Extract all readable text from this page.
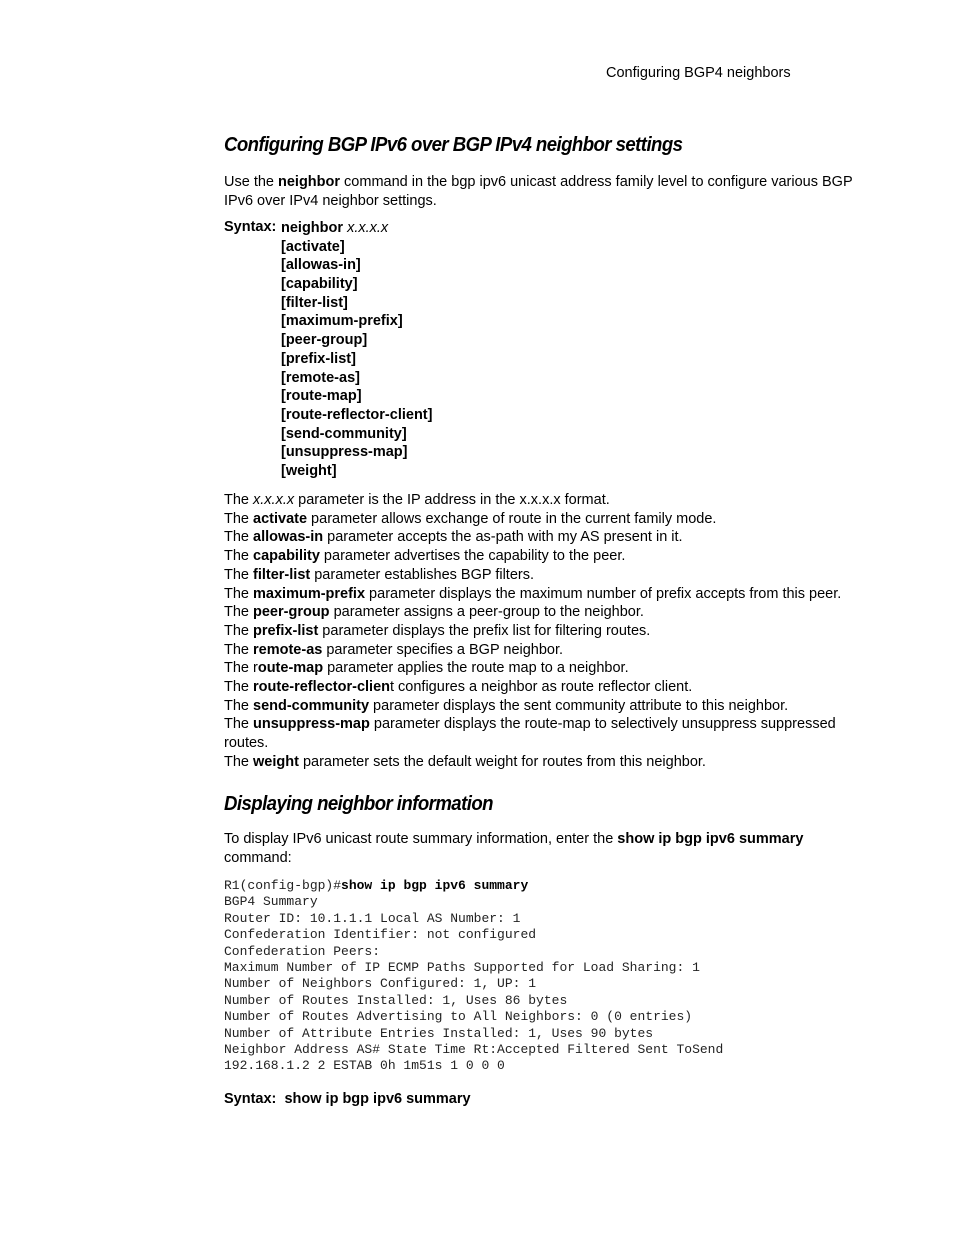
Configuring BGP4 neighbors
Configuring BGP IPv6 over BGP IPv4 neighbor settings
Use the neighbor command in the bgp ipv6 unicast address family level to configure various BGP IPv6 over IPv4 neighbor settings.
Syntax: neighbor x.x.x.x
[activate]
[allowas-in]
[capability]
[filter-list]
[maximum-prefix]
[peer-group]
[prefix-list]
[remote-as]
[route-map]
[route-reflector-client]
[send-community]
[unsuppress-map]
[weight]
The x.x.x.x parameter is the IP address in the x.x.x.x format.
The activate parameter allows exchange of route in the current family mode.
The allowas-in parameter accepts the as-path with my AS present in it.
The capability parameter advertises the capability to the peer.
The filter-list parameter establishes BGP filters.
The maximum-prefix parameter displays the maximum number of prefix accepts from this peer.
The peer-group parameter assigns a peer-group to the neighbor.
The prefix-list parameter displays the prefix list for filtering routes.
The remote-as parameter specifies a BGP neighbor.
The route-map parameter applies the route map to a neighbor.
The route-reflector-client configures a neighbor as route reflector client.
The send-community parameter displays the sent community attribute to this neighbor.
The unsuppress-map parameter displays the route-map to selectively unsuppress suppressed routes.
The weight parameter sets the default weight for routes from this neighbor.
Displaying neighbor information
To display IPv6 unicast route summary information, enter the show ip bgp ipv6 summary command:
R1(config-bgp)#show ip bgp ipv6 summary
BGP4 Summary
Router ID: 10.1.1.1 Local AS Number: 1
Confederation Identifier: not configured
Confederation Peers:
Maximum Number of IP ECMP Paths Supported for Load Sharing: 1
Number of Neighbors Configured: 1, UP: 1
Number of Routes Installed: 1, Uses 86 bytes
Number of Routes Advertising to All Neighbors: 0 (0 entries)
Number of Attribute Entries Installed: 1, Uses 90 bytes
Neighbor Address AS# State Time Rt:Accepted Filtered Sent ToSend
192.168.1.2 2 ESTAB 0h 1m51s 1 0 0 0
Syntax: show ip bgp ipv6 summary
